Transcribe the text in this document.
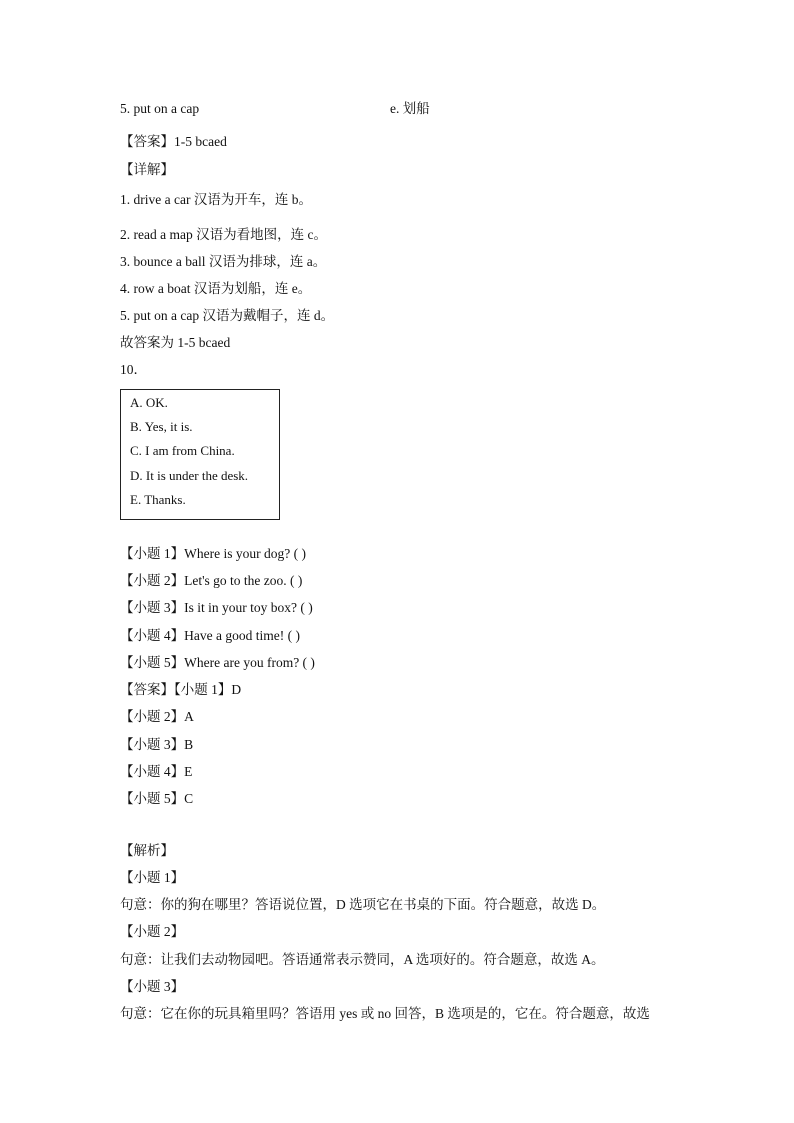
5. put on a cap	e. 划船
【答案】1-5 bcaed
【详解】
1. drive a car 汉语为开车，连 b。
2. read a map 汉语为看地图，连 c。
3. bounce a ball 汉语为排球，连 a。
4. row a boat 汉语为划船，连 e。
5. put on a cap 汉语为戴帽子，连 d。
故答案为 1-5 bcaed
10．
A. OK.
B. Yes, it is.
C. I am from China.
D. It is under the desk.
E. Thanks.
【小题 1】Where is your dog? ( )
【小题 2】Let's go to the zoo. ( )
【小题 3】Is it in your toy box? ( )
【小题 4】Have a good time! ( )
【小题 5】Where are you from? ( )
【答案】【小题 1】D
【小题 2】A
【小题 3】B
【小题 4】E
【小题 5】C
【解析】
【小题 1】
句意：你的狗在哪里？答语说位置，D 选项它在书桌的下面。符合题意，故选 D。
【小题 2】
句意：让我们去动物园吧。答语通常表示赞同，A 选项好的。符合题意，故选 A。
【小题 3】
句意：它在你的玩具箱里吗？答语用 yes 或 no 回答，B 选项是的，它在。符合题意，故选
